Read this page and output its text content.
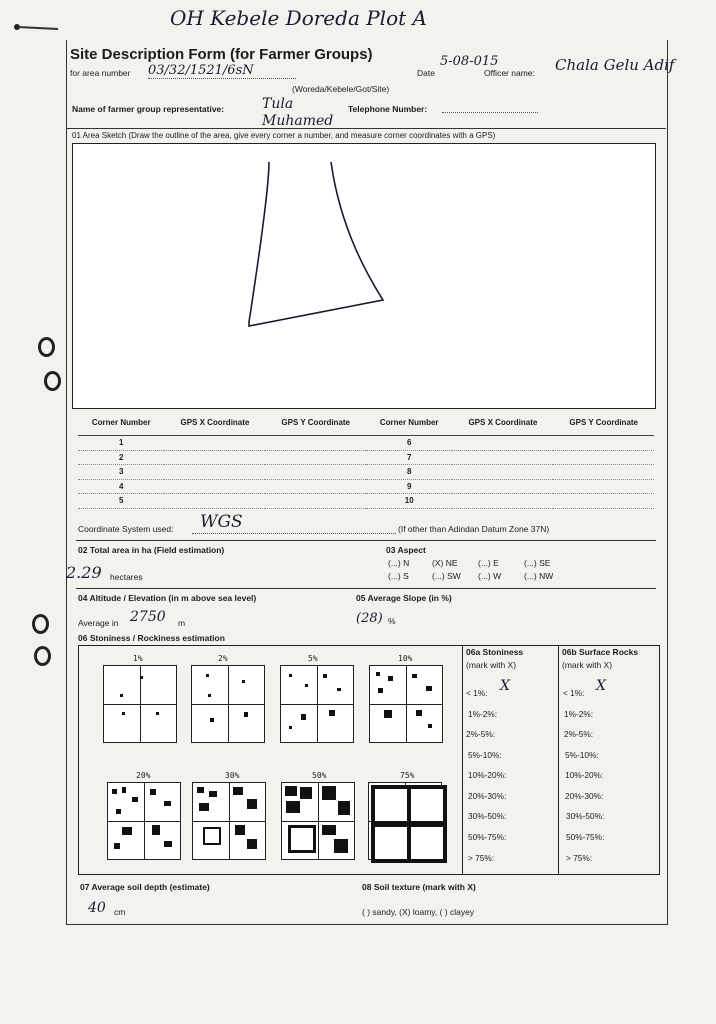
OH Kebele Doreda Plot A
Site Description Form (for Farmer Groups)
for area number 03/32/1521/6sN	Date
5-08-015
Officer name: Chala Gelu Adif
(Woreda/Kebele/Got/Site)
Name of farmer group representative:	Tula Muhamed
Telephone Number:
01 Area Sketch (Draw the outline of the area, give every corner a number, and measure corner coordinates with a GPS)
Corner Number	GPS X Coordinate	GPS Y Coordinate	Corner Number	GPS X Coordinate	GPS Y Coordinate
1			6		
2			7		
3			8		
4			9		
5			10		
Coordinate System used: WGS	(If other than Adindan Datum Zone 37N)
02 Total area in ha (Field estimation)
2.29 hectares
03 Aspect
(...) N	(X) NE (...) E	(...) SE
(...) S	(...) SW (...) W	(...) NW
04 Altitude / Elevation (in m above sea level)
Average in 2750 m
05 Average Slope (in %)
(28) %
06 Stoniness / Rockiness estimation
1%	2%	5%	10%
20%	30%	50%	75%
06a Stoniness
(mark with X)
06b Surface Rocks
(mark with X)
< 1%: X
1%-2%:
2%-5%:
5%-10%:
10%-20%:
20%-30%:
30%-50%:
50%-75%:
> 75%:
< 1%: X
1%-2%:
2%-5%:
5%-10%:
10%-20%:
20%-30%:
30%-50%:
50%-75%:
> 75%:
07 Average soil depth (estimate)
40 cm
08 Soil texture (mark with X)
( ) sandy, (X) loamy, ( ) clayey
